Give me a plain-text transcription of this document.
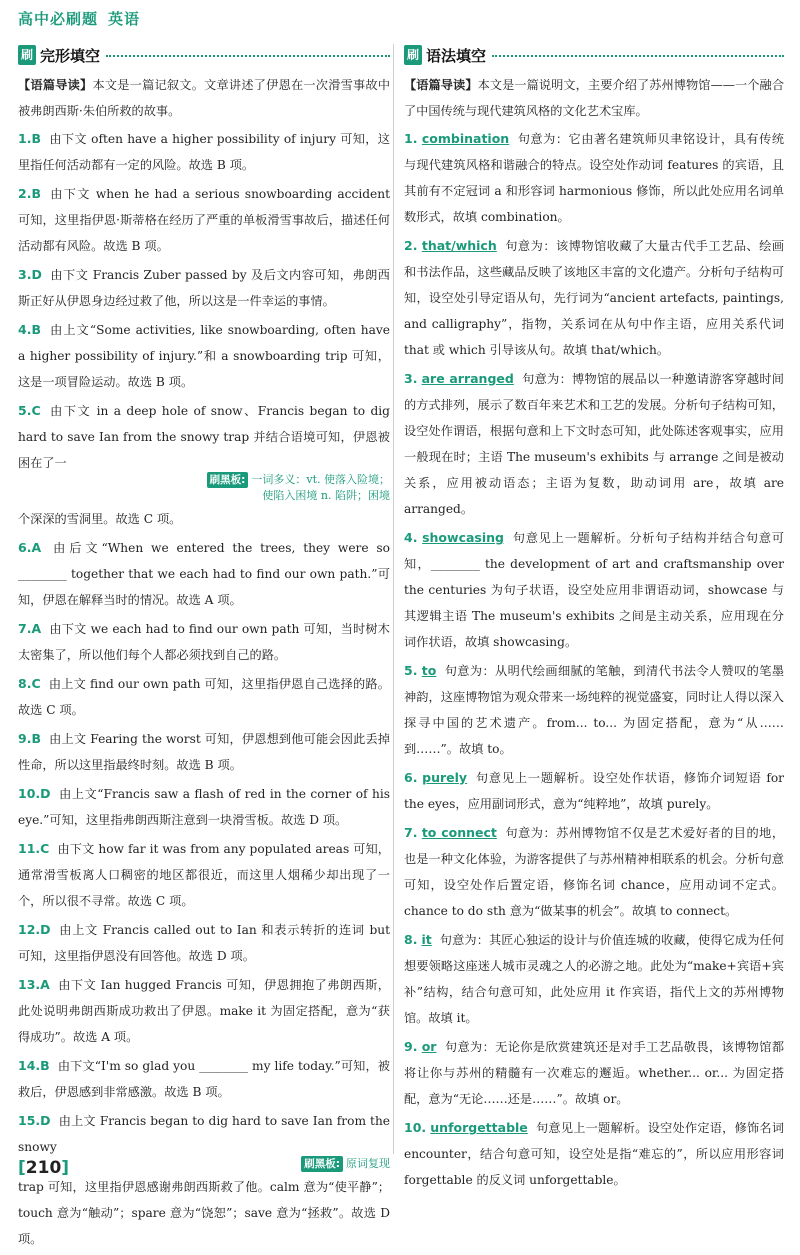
高中必刷题 英语
刷 完形填空
【语篇导读】本文是一篇记叙文。文章讲述了伊恩在一次滑雪事故中被弗朗西斯·朱伯所救的故事。
1.B 由下文 often have a higher possibility of injury 可知，这里指任何活动都有一定的风险。故选 B 项。
2.B 由下文 when he had a serious snowboarding accident 可知，这里指伊恩·斯蒂格在经历了严重的单板滑雪事故后，描述任何活动都有风险。故选 B 项。
3.D 由下文 Francis Zuber passed by 及后文内容可知，弗朗西斯正好从伊恩身边经过救了他，所以这是一件幸运的事情。
4.B 由上文“Some activities, like snowboarding, often have a higher possibility of injury.”和 a snowboarding trip 可知，这是一项冒险运动。故选 B 项。
5.C 由下文 in a deep hole of snow、Francis began to dig hard to save Ian from the snowy trap 并结合语境可知，伊恩被困在了一
刷黑板: 一词多义：vt. 使落入险境；
使陷入困境 n. 陷阱；困境
个深深的雪洞里。故选 C 项。
6.A 由后文“When we entered the trees, they were so ________ together that we each had to find our own path.”可知，伊恩在解释当时的情况。故选 A 项。
7.A 由下文 we each had to find our own path 可知，当时树木太密集了，所以他们每个人都必须找到自己的路。
8.C 由上文 find our own path 可知，这里指伊恩自己选择的路。故选 C 项。
9.B 由上文 Fearing the worst 可知，伊恩想到他可能会因此丢掉性命，所以这里指最终时刻。故选 B 项。
10.D 由上文“Francis saw a flash of red in the corner of his eye.”可知，这里指弗朗西斯注意到一块滑雪板。故选 D 项。
11.C 由下文 how far it was from any populated areas 可知，通常滑雪板离人口稠密的地区都很近，而这里人烟稀少却出现了一个，所以很不寻常。故选 C 项。
12.D 由上文 Francis called out to Ian 和表示转折的连词 but 可知，这里指伊恩没有回答他。故选 D 项。
13.A 由下文 Ian hugged Francis 可知，伊恩拥抱了弗朗西斯，此处说明弗朗西斯成功救出了伊恩。make it 为固定搭配，意为“获得成功”。故选 A 项。
14.B 由下文“I'm so glad you ________ my life today.”可知，被救后，伊恩感到非常感激。故选 B 项。
15.D 由上文 Francis began to dig hard to save Ian from the snowy
刷黑板: 原词复现
trap 可知，这里指伊恩感谢弗朗西斯救了他。calm 意为“使平静”；touch 意为“触动”；spare 意为“饶恕”；save 意为“拯救”。故选 D 项。
刷 语法填空
【语篇导读】本文是一篇说明文，主要介绍了苏州博物馆——一个融合了中国传统与现代建筑风格的文化艺术宝库。
1. combination 句意为：它由著名建筑师贝聿铭设计，具有传统与现代建筑风格和谐融合的特点。设空处作动词 features 的宾语，且其前有不定冠词 a 和形容词 harmonious 修饰，所以此处应用名词单数形式，故填 combination。
2. that/which 句意为：该博物馆收藏了大量古代手工艺品、绘画和书法作品，这些藏品反映了该地区丰富的文化遗产。分析句子结构可知，设空处引导定语从句，先行词为“ancient artefacts, paintings, and calligraphy”，指物，关系词在从句中作主语，应用关系代词 that 或 which 引导该从句。故填 that/which。
3. are arranged 句意为：博物馆的展品以一种邀请游客穿越时间的方式排列，展示了数百年来艺术和工艺的发展。分析句子结构可知，设空处作谓语，根据句意和上下文时态可知，此处陈述客观事实，应用一般现在时；主语 The museum's exhibits 与 arrange 之间是被动关系，应用被动语态；主语为复数，助动词用 are，故填 are arranged。
4. showcasing 句意见上一题解析。分析句子结构并结合句意可知，________ the development of art and craftsmanship over the centuries 为句子状语，设空处应用非谓语动词，showcase 与其逻辑主语 The museum's exhibits 之间是主动关系，应用现在分词作状语，故填 showcasing。
5. to 句意为：从明代绘画细腻的笔触，到清代书法令人赞叹的笔墨神韵，这座博物馆为观众带来一场纯粹的视觉盛宴，同时让人得以深入探寻中国的艺术遗产。from... to... 为固定搭配，意为“从……到……”。故填 to。
6. purely 句意见上一题解析。设空处作状语，修饰介词短语 for the eyes，应用副词形式，意为“纯粹地”，故填 purely。
7. to connect 句意为：苏州博物馆不仅是艺术爱好者的目的地，也是一种文化体验，为游客提供了与苏州精神相联系的机会。分析句意可知，设空处作后置定语，修饰名词 chance，应用动词不定式。chance to do sth 意为“做某事的机会”。故填 to connect。
8. it 句意为：其匠心独运的设计与价值连城的收藏，使得它成为任何想要领略这座迷人城市灵魂之人的必游之地。此处为“make+宾语+宾补”结构，结合句意可知，此处应用 it 作宾语，指代上文的苏州博物馆。故填 it。
9. or 句意为：无论你是欣赏建筑还是对手工艺品敬畏，该博物馆都将让你与苏州的精髓有一次难忘的邂逅。whether... or... 为固定搭配，意为“无论……还是……”。故填 or。
10. unforgettable 句意见上一题解析。设空处作定语，修饰名词 encounter，结合句意可知，设空处是指“难忘的”，所以应用形容词 forgettable 的反义词 unforgettable。
[210]
